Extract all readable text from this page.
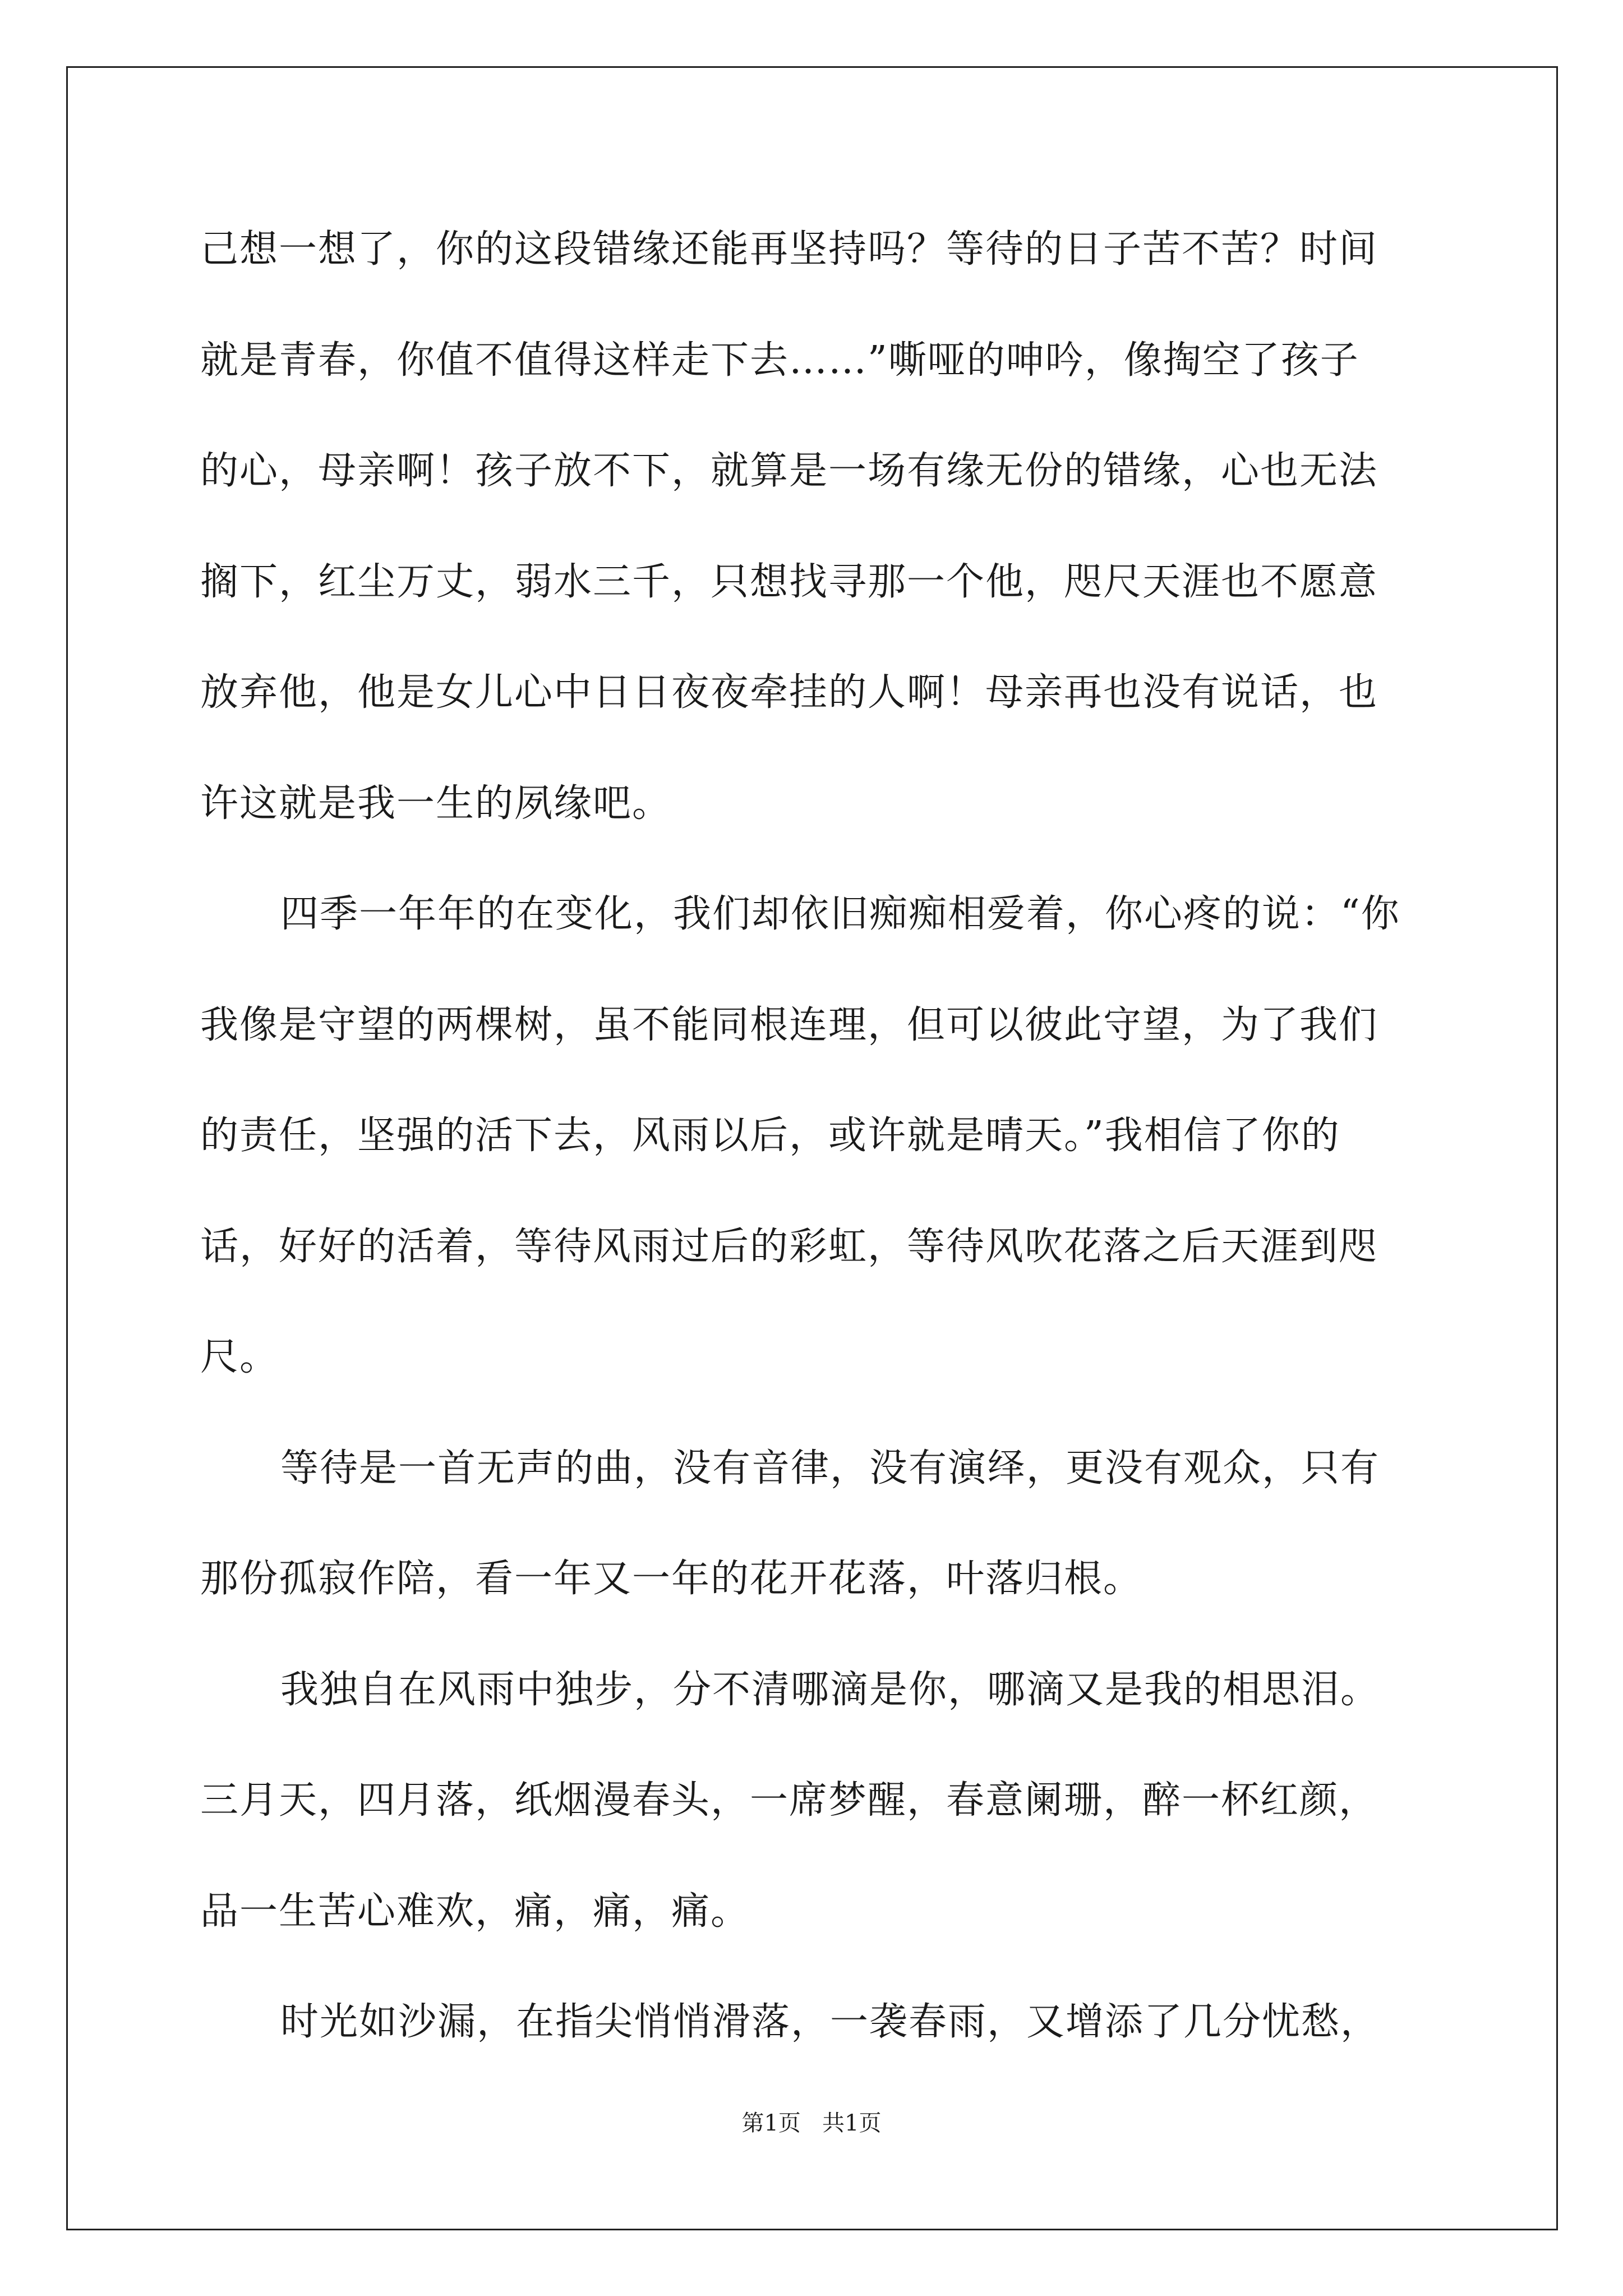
己想一想了，你的这段错缘还能再坚持吗？等待的日子苦不苦？时间
就是青春，你值不值得这样走下去……”嘶哑的呻吟，像掏空了孩子
的心，母亲啊！孩子放不下，就算是一场有缘无份的错缘，心也无法
搁下，红尘万丈，弱水三千，只想找寻那一个他，咫尺天涯也不愿意
放弃他，他是女儿心中日日夜夜牵挂的人啊！母亲再也没有说话，也
许这就是我一生的夙缘吧。
四季一年年的在变化，我们却依旧痴痴相爱着，你心疼的说：“你
我像是守望的两棵树，虽不能同根连理，但可以彼此守望，为了我们
的责任，坚强的活下去，风雨以后，或许就是晴天。”我相信了你的
话，好好的活着，等待风雨过后的彩虹，等待风吹花落之后天涯到咫
尺。
等待是一首无声的曲，没有音律，没有演绎，更没有观众，只有
那份孤寂作陪，看一年又一年的花开花落，叶落归根。
我独自在风雨中独步，分不清哪滴是你，哪滴又是我的相思泪。
三月天，四月落，纸烟漫春头，一席梦醒，春意阑珊，醉一杯红颜，
品一生苦心难欢，痛，痛，痛。
时光如沙漏，在指尖悄悄滑落，一袭春雨，又增添了几分忧愁，
第1页   共1页
